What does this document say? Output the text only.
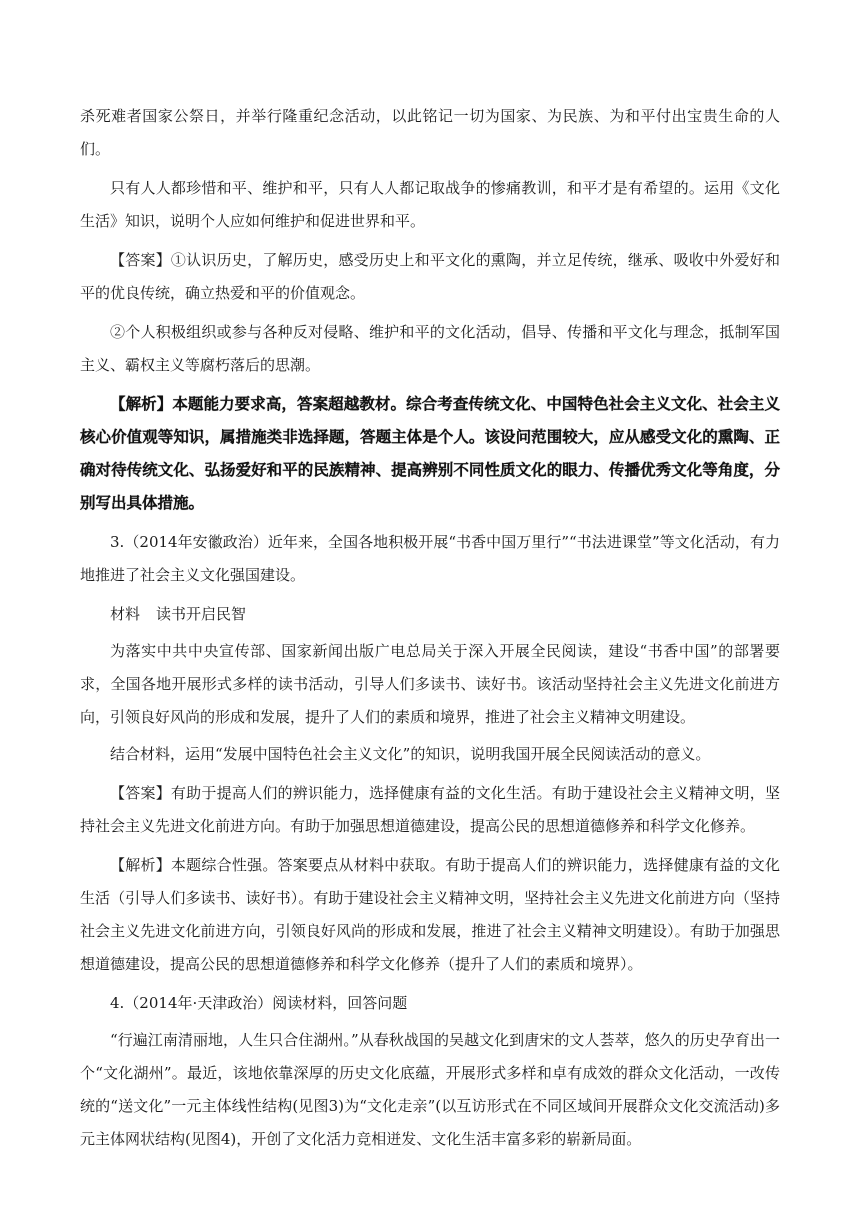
杀死难者国家公祭日，并举行隆重纪念活动，以此铭记一切为国家、为民族、为和平付出宝贵生命的人们。

只有人人都珍惜和平、维护和平，只有人人都记取战争的惨痛教训，和平才是有希望的。运用《文化生活》知识，说明个人应如何维护和促进世界和平。

【答案】①认识历史，了解历史，感受历史上和平文化的熏陶，并立足传统，继承、吸收中外爱好和平的优良传统，确立热爱和平的价值观念。

②个人积极组织或参与各种反对侵略、维护和平的文化活动，倡导、传播和平文化与理念，抵制军国主义、霸权主义等腐朽落后的思潮。

【解析】本题能力要求高，答案超越教材。综合考查传统文化、中国特色社会主义文化、社会主义核心价值观等知识，属措施类非选择题，答题主体是个人。该设问范围较大，应从感受文化的熏陶、正确对待传统文化、弘扬爱好和平的民族精神、提高辨别不同性质文化的眼力、传播优秀文化等角度，分别写出具体措施。

3.（2014年安徽政治）近年来，全国各地积极开展“书香中国万里行”“书法进课堂”等文化活动，有力地推进了社会主义文化强国建设。

材料 读书开启民智

为落实中共中央宣传部、国家新闻出版广电总局关于深入开展全民阅读，建设“书香中国”的部署要求，全国各地开展形式多样的读书活动，引导人们多读书、读好书。该活动坚持社会主义先进文化前进方向，引领良好风尚的形成和发展，提升了人们的素质和境界，推进了社会主义精神文明建设。

结合材料，运用“发展中国特色社会主义文化”的知识，说明我国开展全民阅读活动的意义。

【答案】有助于提高人们的辨识能力，选择健康有益的文化生活。有助于建设社会主义精神文明，坚持社会主义先进文化前进方向。有助于加强思想道德建设，提高公民的思想道德修养和科学文化修养。

【解析】本题综合性强。答案要点从材料中获取。有助于提高人们的辨识能力，选择健康有益的文化生活（引导人们多读书、读好书）。有助于建设社会主义精神文明，坚持社会主义先进文化前进方向（坚持社会主义先进文化前进方向，引领良好风尚的形成和发展，推进了社会主义精神文明建设）。有助于加强思想道德建设，提高公民的思想道德修养和科学文化修养（提升了人们的素质和境界）。

4.（2014年·天津政治）阅读材料，回答问题

“行遍江南清丽地，人生只合住湖州。”从春秋战国的吴越文化到唐宋的文人荟萃，悠久的历史孕育出一个“文化湖州”。最近，该地依靠深厚的历史文化底蕴，开展形式多样和卓有成效的群众文化活动，一改传统的“送文化”一元主体线性结构(见图3)为“文化走亲”(以互访形式在不同区域间开展群众文化交流活动)多元主体网状结构(见图4)，开创了文化活力竞相迸发、文化生活丰富多彩的崭新局面。
